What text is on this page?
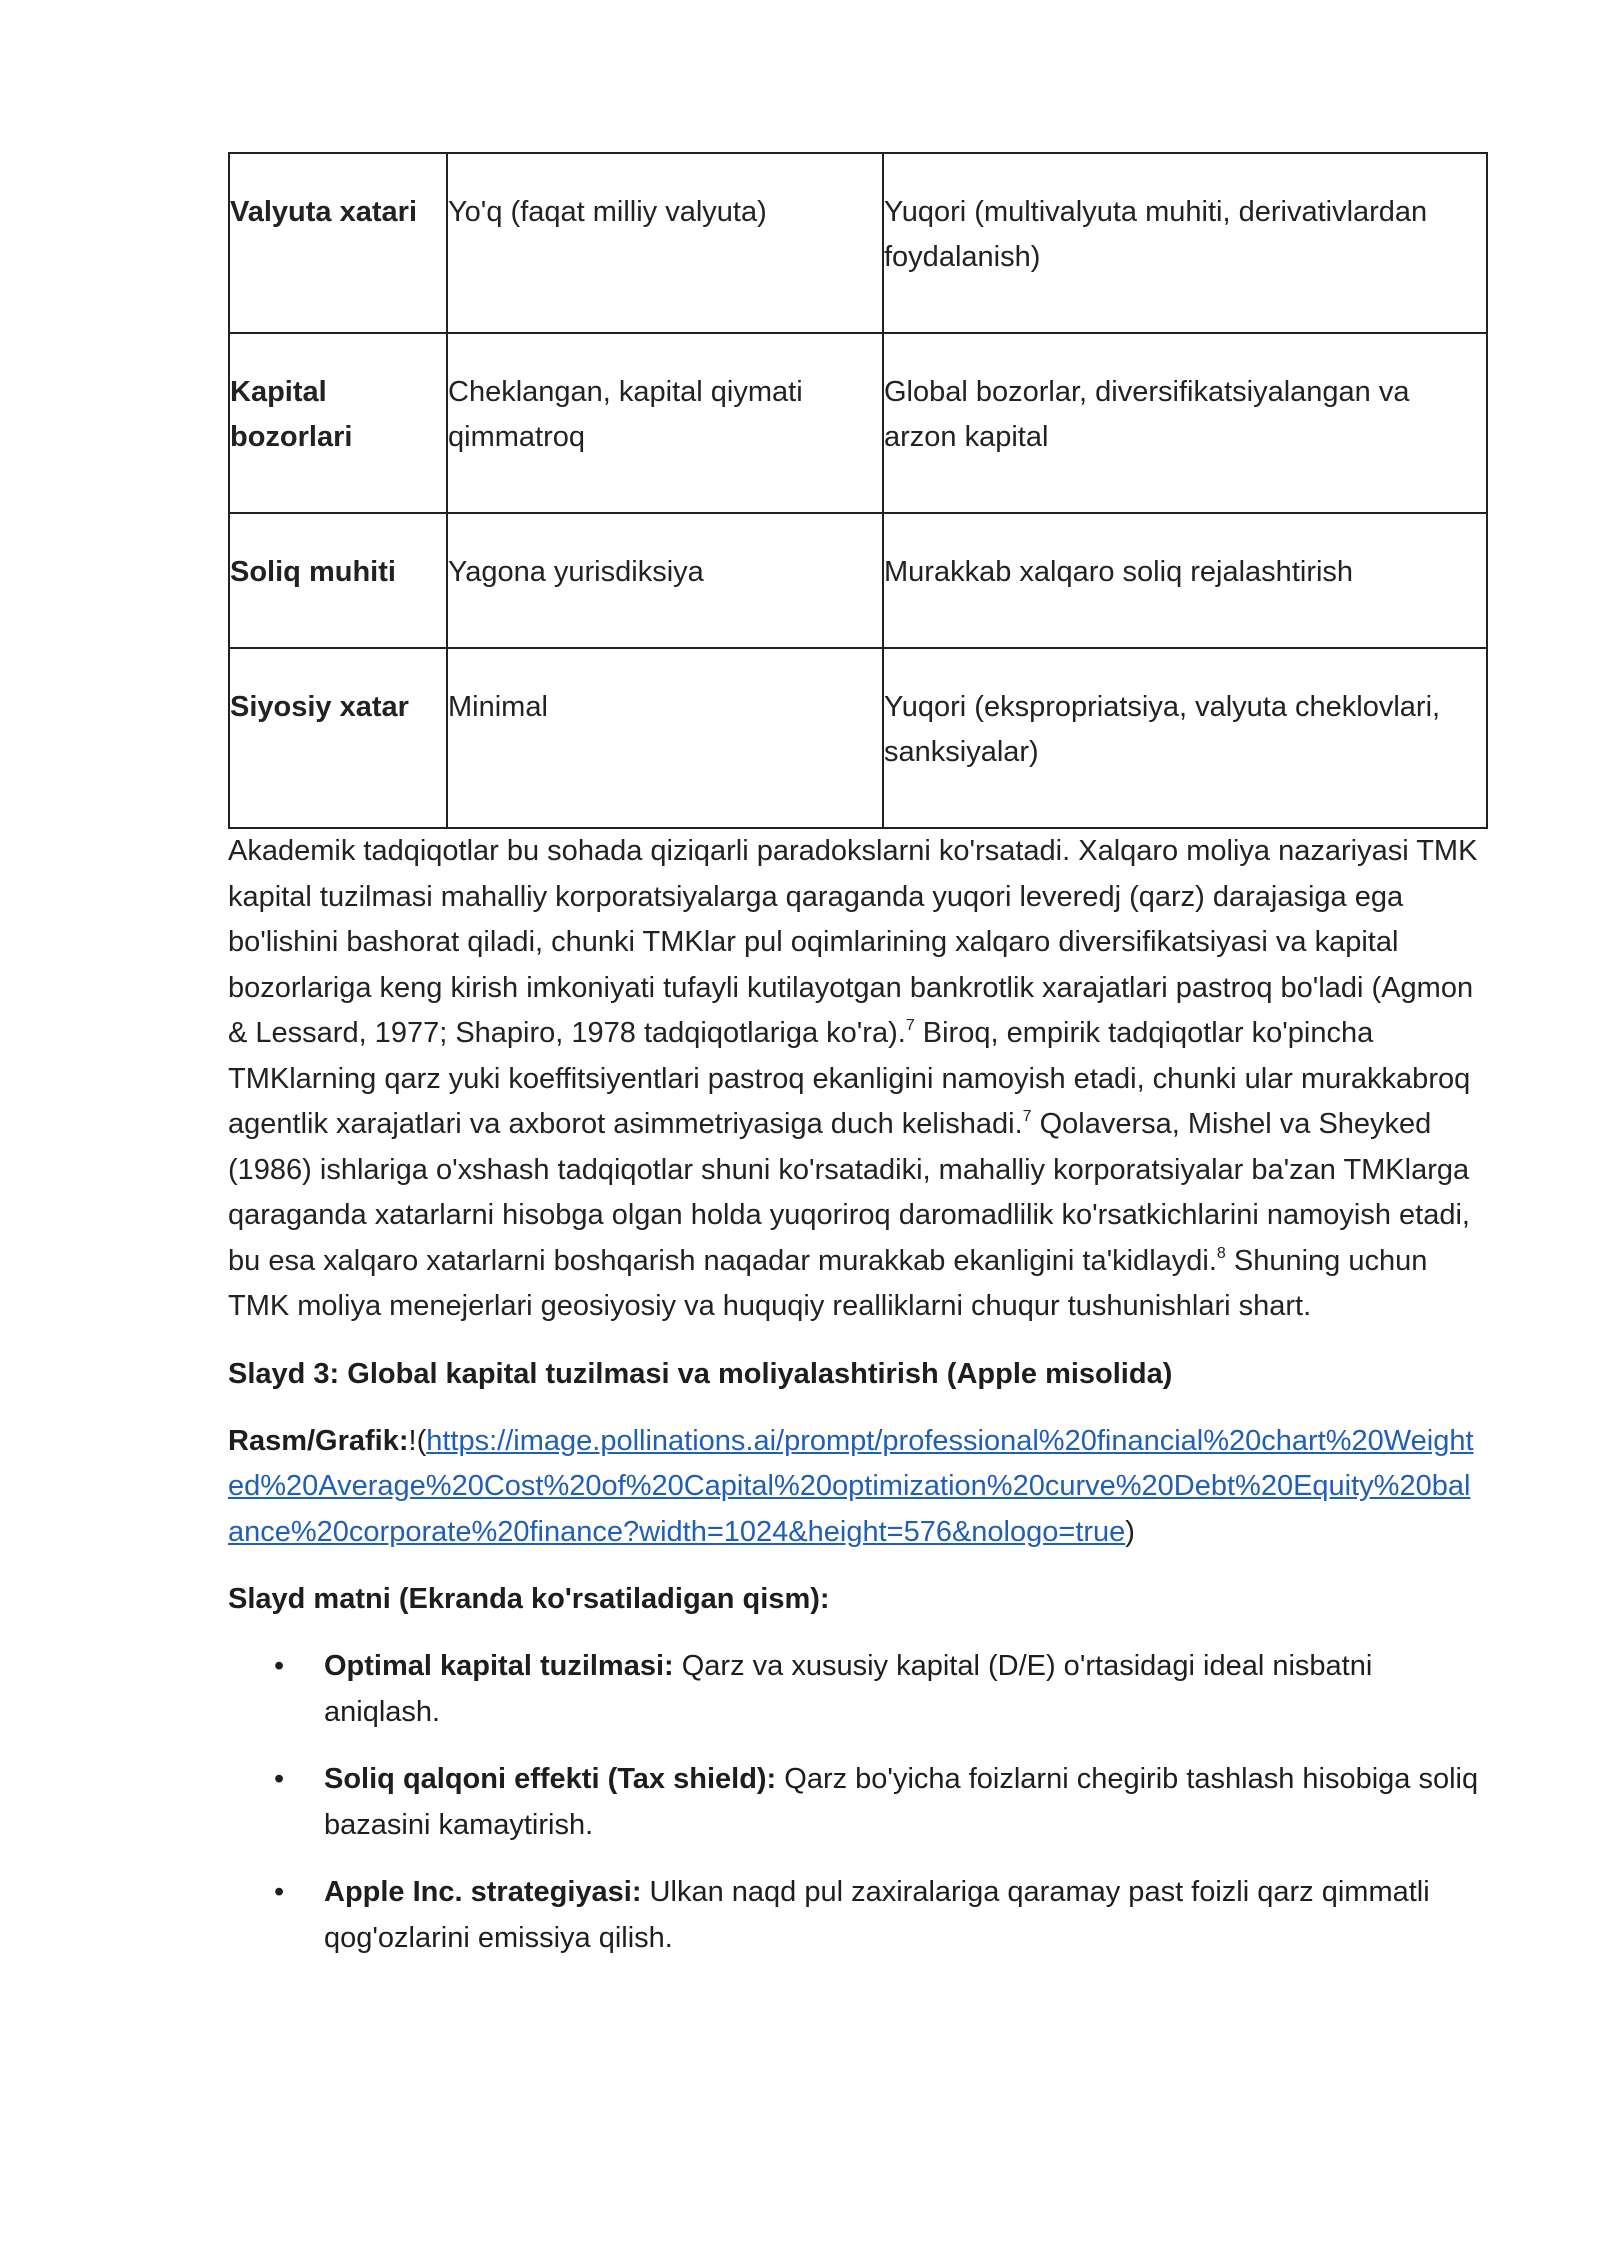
Valyuta xatari	Yo'q (faqat milliy valyuta)	Yuqori (multivalyuta muhiti, derivativlardan foydalanish)
Kapital bozorlari	Cheklangan, kapital qiymati qimmatroq	Global bozorlar, diversifikatsiyalangan va arzon kapital
Soliq muhiti	Yagona yurisdiksiya	Murakkab xalqaro soliq rejalashtirish
Siyosiy xatar	Minimal	Yuqori (ekspropriatsiya, valyuta cheklovlari, sanksiyalar)

Akademik tadqiqotlar bu sohada qiziqarli paradokslarni ko'rsatadi. Xalqaro moliya nazariyasi TMK kapital tuzilmasi mahalliy korporatsiyalarga qaraganda yuqori leveredj (qarz) darajasiga ega bo'lishini bashorat qiladi, chunki TMKlar pul oqimlarining xalqaro diversifikatsiyasi va kapital bozorlariga keng kirish imkoniyati tufayli kutilayotgan bankrotlik xarajatlari pastroq bo'ladi (Agmon & Lessard, 1977; Shapiro, 1978 tadqiqotlariga ko'ra).$^7$ Biroq, empirik tadqiqotlar ko'pincha TMKlarning qarz yuki koeffitsiyentlari pastroq ekanligini namoyish etadi, chunki ular murakkabroq agentlik xarajatlari va axborot asimmetriyasiga duch kelishadi.$^7$ Qolaversa, Mishel va Sheyked (1986) ishlariga o'xshash tadqiqotlar shuni ko'rsatadiki, mahalliy korporatsiyalar ba'zan TMKlarga qaraganda xatarlarni hisobga olgan holda yuqoriroq daromadlilik ko'rsatkichlarini namoyish etadi, bu esa xalqaro xatarlarni boshqarish naqadar murakkab ekanligini ta'kidlaydi.$^8$ Shuning uchun TMK moliya menejerlari geosiyosiy va huquqiy realliklarni chuqur tushunishlari shart.

Slayd 3: Global kapital tuzilmasi va moliyalashtirish (Apple misolida)

Rasm/Grafik:!(https://image.pollinations.ai/prompt/professional%20financial%20chart%20Weighted%20Average%20Cost%20of%20Capital%20optimization%20curve%20Debt%20Equity%20balance%20corporate%20finance?width=1024&height=576&nologo=true)

Slayd matni (Ekranda ko'rsatiladigan qism):

• Optimal kapital tuzilmasi: Qarz va xususiy kapital (D/E) o'rtasidagi ideal nisbatni aniqlash.
• Soliq qalqoni effekti (Tax shield): Qarz bo'yicha foizlarni chegirib tashlash hisobiga soliq bazasini kamaytirish.
• Apple Inc. strategiyasi: Ulkan naqd pul zaxiralariga qaramay past foizli qarz qimmatli qog'ozlarini emissiya qilish.
